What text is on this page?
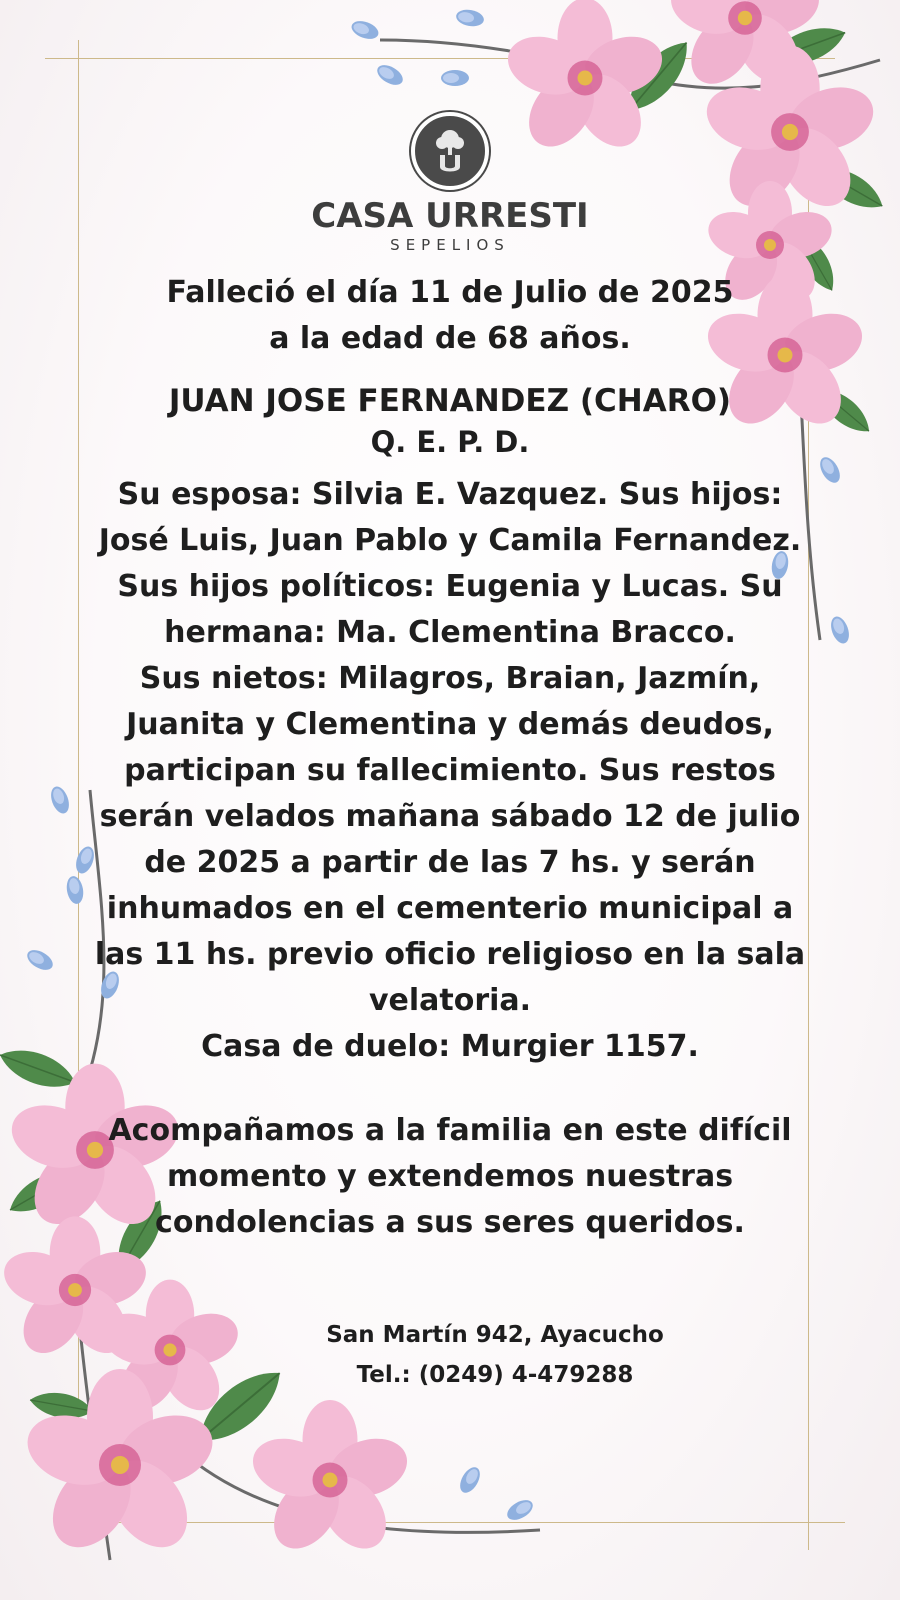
CASA URRESTI
SEPELIOS

Falleció el día 11 de Julio de 2025

a la edad de 68 años.

JUAN JOSE FERNANDEZ (CHARO)

Q. E. P. D.

Su esposa: Silvia E. Vazquez. Sus hijos: José Luis, Juan Pablo y Camila Fernandez. Sus hijos políticos: Eugenia y Lucas. Su hermana: Ma. Clementina Bracco.

Sus nietos: Milagros, Braian, Jazmín, Juanita y Clementina y demás deudos, participan su fallecimiento. Sus restos serán velados mañana sábado 12 de julio de 2025 a partir de las 7 hs. y serán inhumados en el cementerio municipal a las 11 hs. previo oficio religioso en la sala velatoria.

Casa de duelo: Murgier 1157.

Acompañamos a la familia en este difícil momento y extendemos nuestras condolencias a sus seres queridos.

San Martín 942, Ayacucho
Tel.: (0249) 4-479288
